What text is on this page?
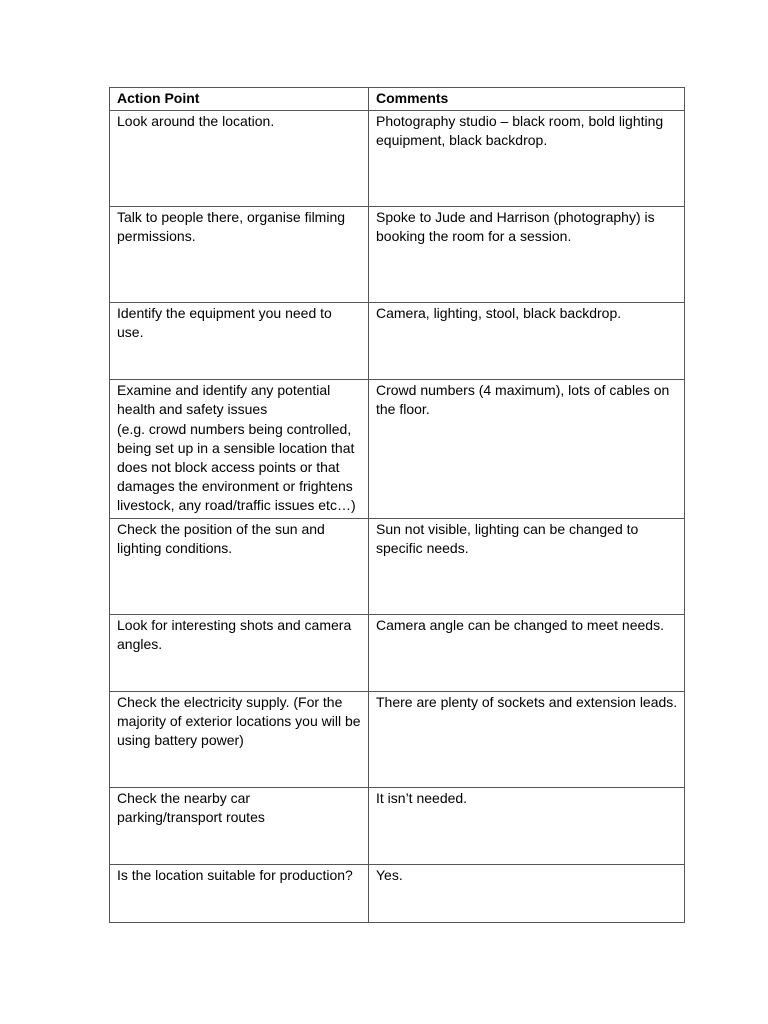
Action Point	Comments
Look around the location.	Photography studio – black room, bold lighting equipment, black backdrop.
Talk to people there, organise filming permissions.	Spoke to Jude and Harrison (photography) is booking the room for a session.
Identify the equipment you need to use.	Camera, lighting, stool, black backdrop.
Examine and identify any potential health and safety issues
(e.g. crowd numbers being controlled, being set up in a sensible location that does not block access points or that damages the environment or frightens livestock, any road/traffic issues etc…)	Crowd numbers (4 maximum), lots of cables on the floor.
Check the position of the sun and lighting conditions.	Sun not visible, lighting can be changed to specific needs.
Look for interesting shots and camera angles.	Camera angle can be changed to meet needs.
Check the electricity supply. (For the majority of exterior locations you will be using battery power)	There are plenty of sockets and extension leads.
Check the nearby car
parking/transport routes	It isn’t needed.
Is the location suitable for production?	Yes.
